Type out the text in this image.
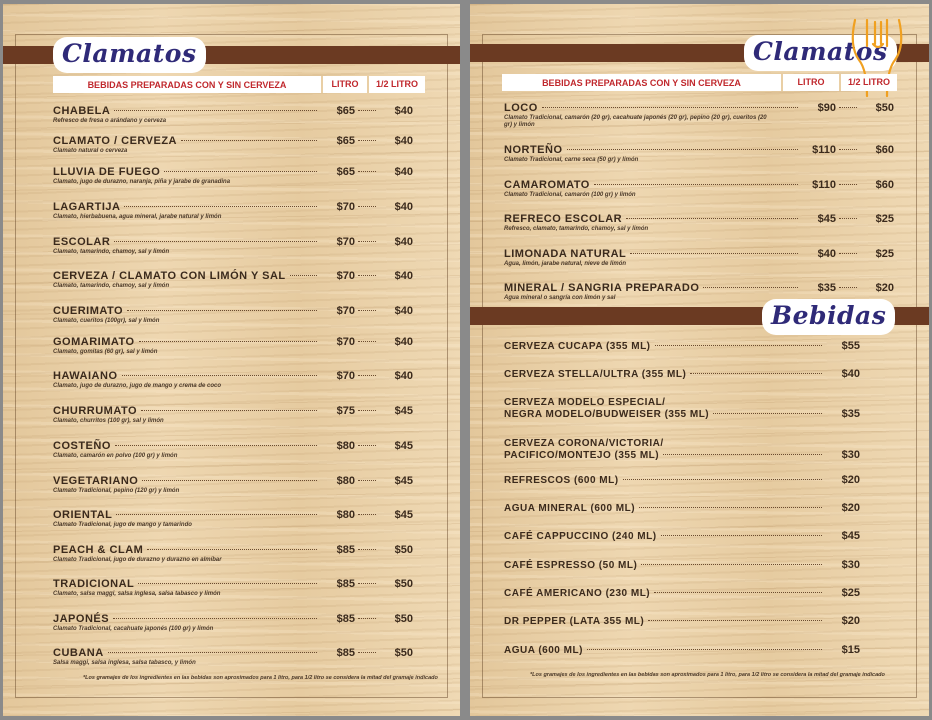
Clamatos
BEBIDAS PREPARADAS CON Y SIN CERVEZA	LITRO	1/2 LITRO
CHABELA	$65	$40
Refresco de fresa o arándano y cerveza
CLAMATO / CERVEZA	$65	$40
Clamato natural o cerveza
LLUVIA DE FUEGO	$65	$40
Clamato, jugo de durazno, naranja, piña y jarabe de granadina
LAGARTIJA	$70	$40
Clamato, hierbabuena, agua mineral, jarabe natural y limón
ESCOLAR	$70	$40
Clamato, tamarindo, chamoy, sal y limón
CERVEZA / CLAMATO CON LIMÓN Y SAL	$70	$40
Clamato, tamarindo, chamoy, sal y limón
CUERIMATO	$70	$40
Clamato, cueritos (100gr), sal y limón
GOMARIMATO	$70	$40
Clamato, gomitas (60 gr), sal y limón
HAWAIANO	$70	$40
Clamato, jugo de durazno, jugo de mango y crema de coco
CHURRUMATO	$75	$45
Clamato, churritos (100 gr), sal y limón
COSTEÑO	$80	$45
Clamato, camarón en polvo (100 gr) y limón
VEGETARIANO	$80	$45
Clamato Tradicional, pepino (120 gr) y limón
ORIENTAL	$80	$45
Clamato Tradicional, jugo de mango y tamarindo
PEACH & CLAM	$85	$50
Clamato Tradicional, jugo de durazno y durazno en almíbar
TRADICIONAL	$85	$50
Clamato, salsa maggi, salsa inglesa, salsa tabasco y limón
JAPONÉS	$85	$50
Clamato Tradicional, cacahuate japonés (100 gr) y limón
CUBANA	$85	$50
Salsa maggi, salsa inglesa, salsa tabasco, y limón
*Los gramajes de los ingredientes en las bebidas son aproximados para 1 litro, para 1/2 litro se considera la mitad del gramaje indicado
Clamatos
BEBIDAS PREPARADAS CON Y SIN CERVEZA	LITRO	1/2 LITRO
LOCO	$90	$50
Clamato Tradicional, camarón (20 gr), cacahuate japonés (20 gr), pepino (20 gr), cueritos (20 gr) y limón
NORTEÑO	$110	$60
Clamato Tradicional, carne seca (50 gr) y limón
CAMAROMATO	$110	$60
Clamato Tradicional, camarón (100 gr) y limón
REFRECO ESCOLAR	$45	$25
Refresco, clamato, tamarindo, chamoy, sal y limón
LIMONADA NATURAL	$40	$25
Agua, limón, jarabe natural, nieve de limón
MINERAL / SANGRIA PREPARADO	$35	$20
Agua mineral o sangría con limón y sal
Bebidas
CERVEZA CUCAPA (355 ML)	$55
CERVEZA STELLA/ULTRA (355 ML)	$40
CERVEZA MODELO ESPECIAL/
NEGRA MODELO/BUDWEISER (355 ML)	$35
CERVEZA CORONA/VICTORIA/
PACIFICO/MONTEJO (355 ML)	$30
REFRESCOS (600 ML)	$20
AGUA MINERAL (600 ML)	$20
CAFÉ CAPPUCCINO (240 ML)	$45
CAFÉ ESPRESSO (50 ML)	$30
CAFÉ AMERICANO (230 ML)	$25
DR PEPPER (LATA 355 ML)	$20
AGUA (600 ML)	$15
*Los gramajes de los ingredientes en las bebidas son aproximados para 1 litro, para 1/2 litro se considera la mitad del gramaje indicado
